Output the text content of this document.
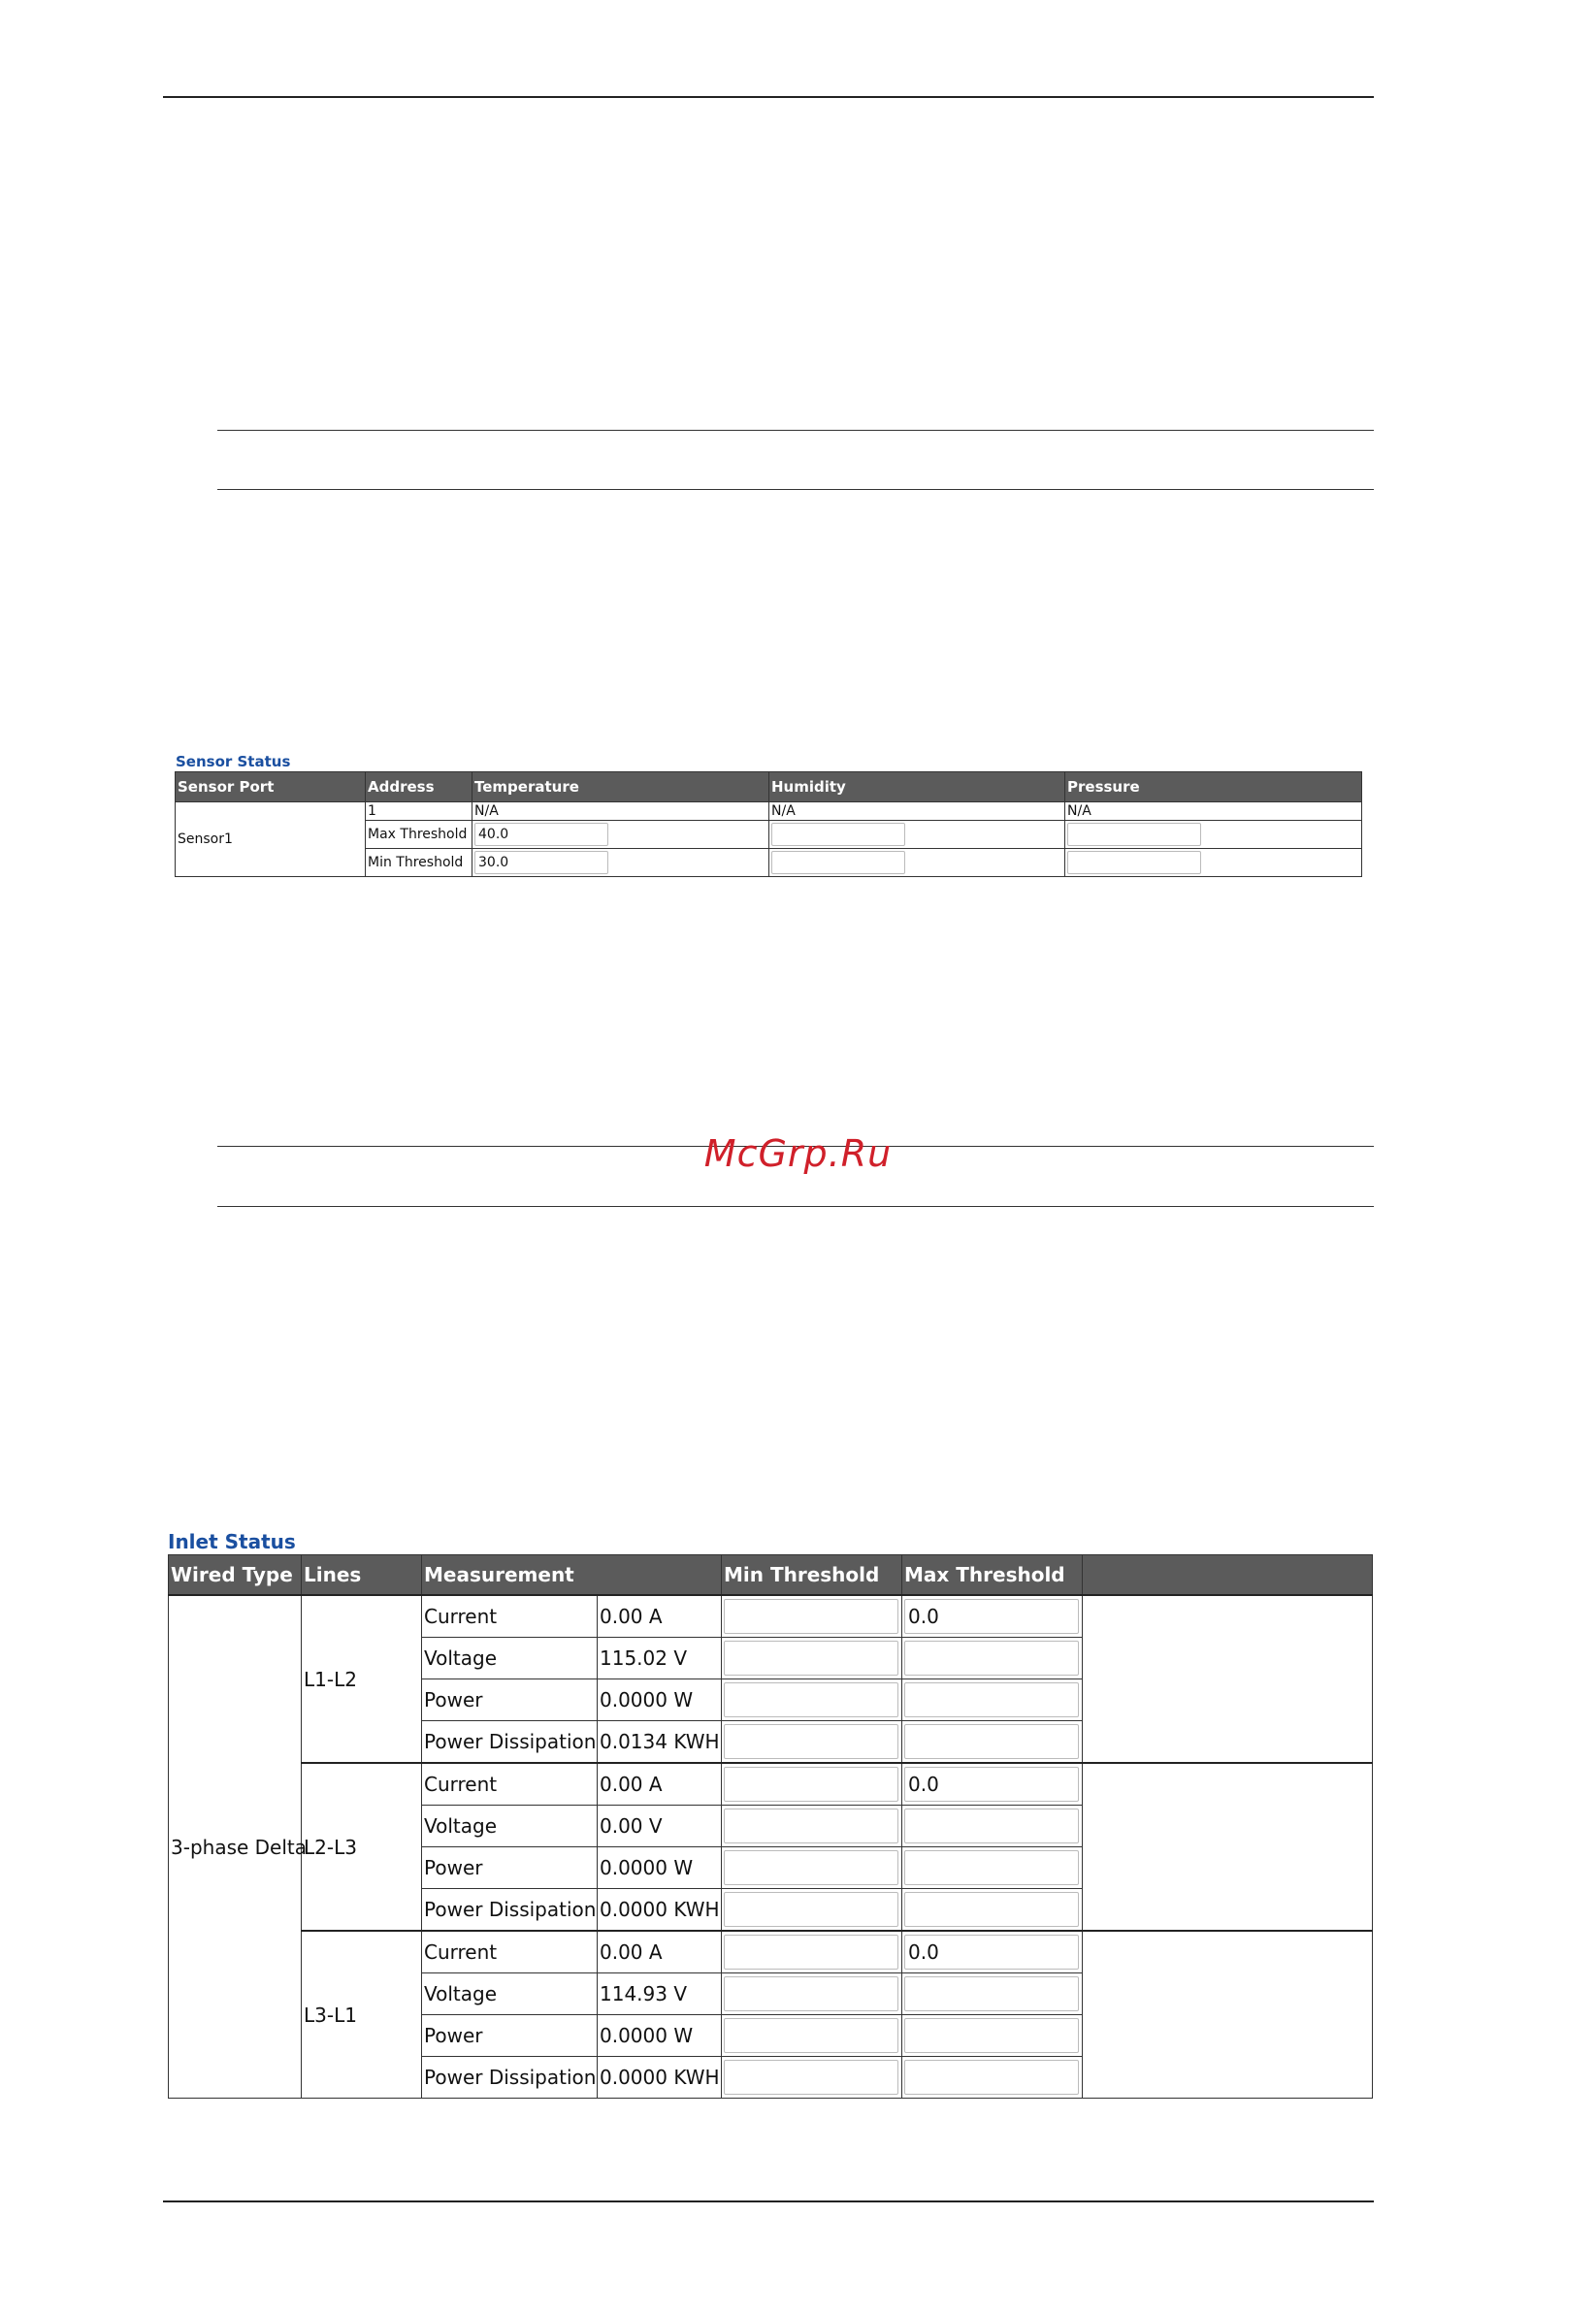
McGrp.Ru
Sensor Status
Sensor Port	Address	Temperature	Humidity	Pressure
Sensor1	1	N/A	N/A	N/A
	Max Threshold	40.0		
	Min Threshold	30.0		
Inlet Status
Wired Type	Lines	Measurement		Min Threshold	Max Threshold	
3-phase Delta	L1-L2	Current	0.00 A		0.0	
		Voltage	115.02 V			
		Power	0.0000 W			
		Power Dissipation	0.0134 KWH			
	L2-L3	Current	0.00 A		0.0	
		Voltage	0.00 V			
		Power	0.0000 W			
		Power Dissipation	0.0000 KWH			
	L3-L1	Current	0.00 A		0.0	
		Voltage	114.93 V			
		Power	0.0000 W			
		Power Dissipation	0.0000 KWH			
